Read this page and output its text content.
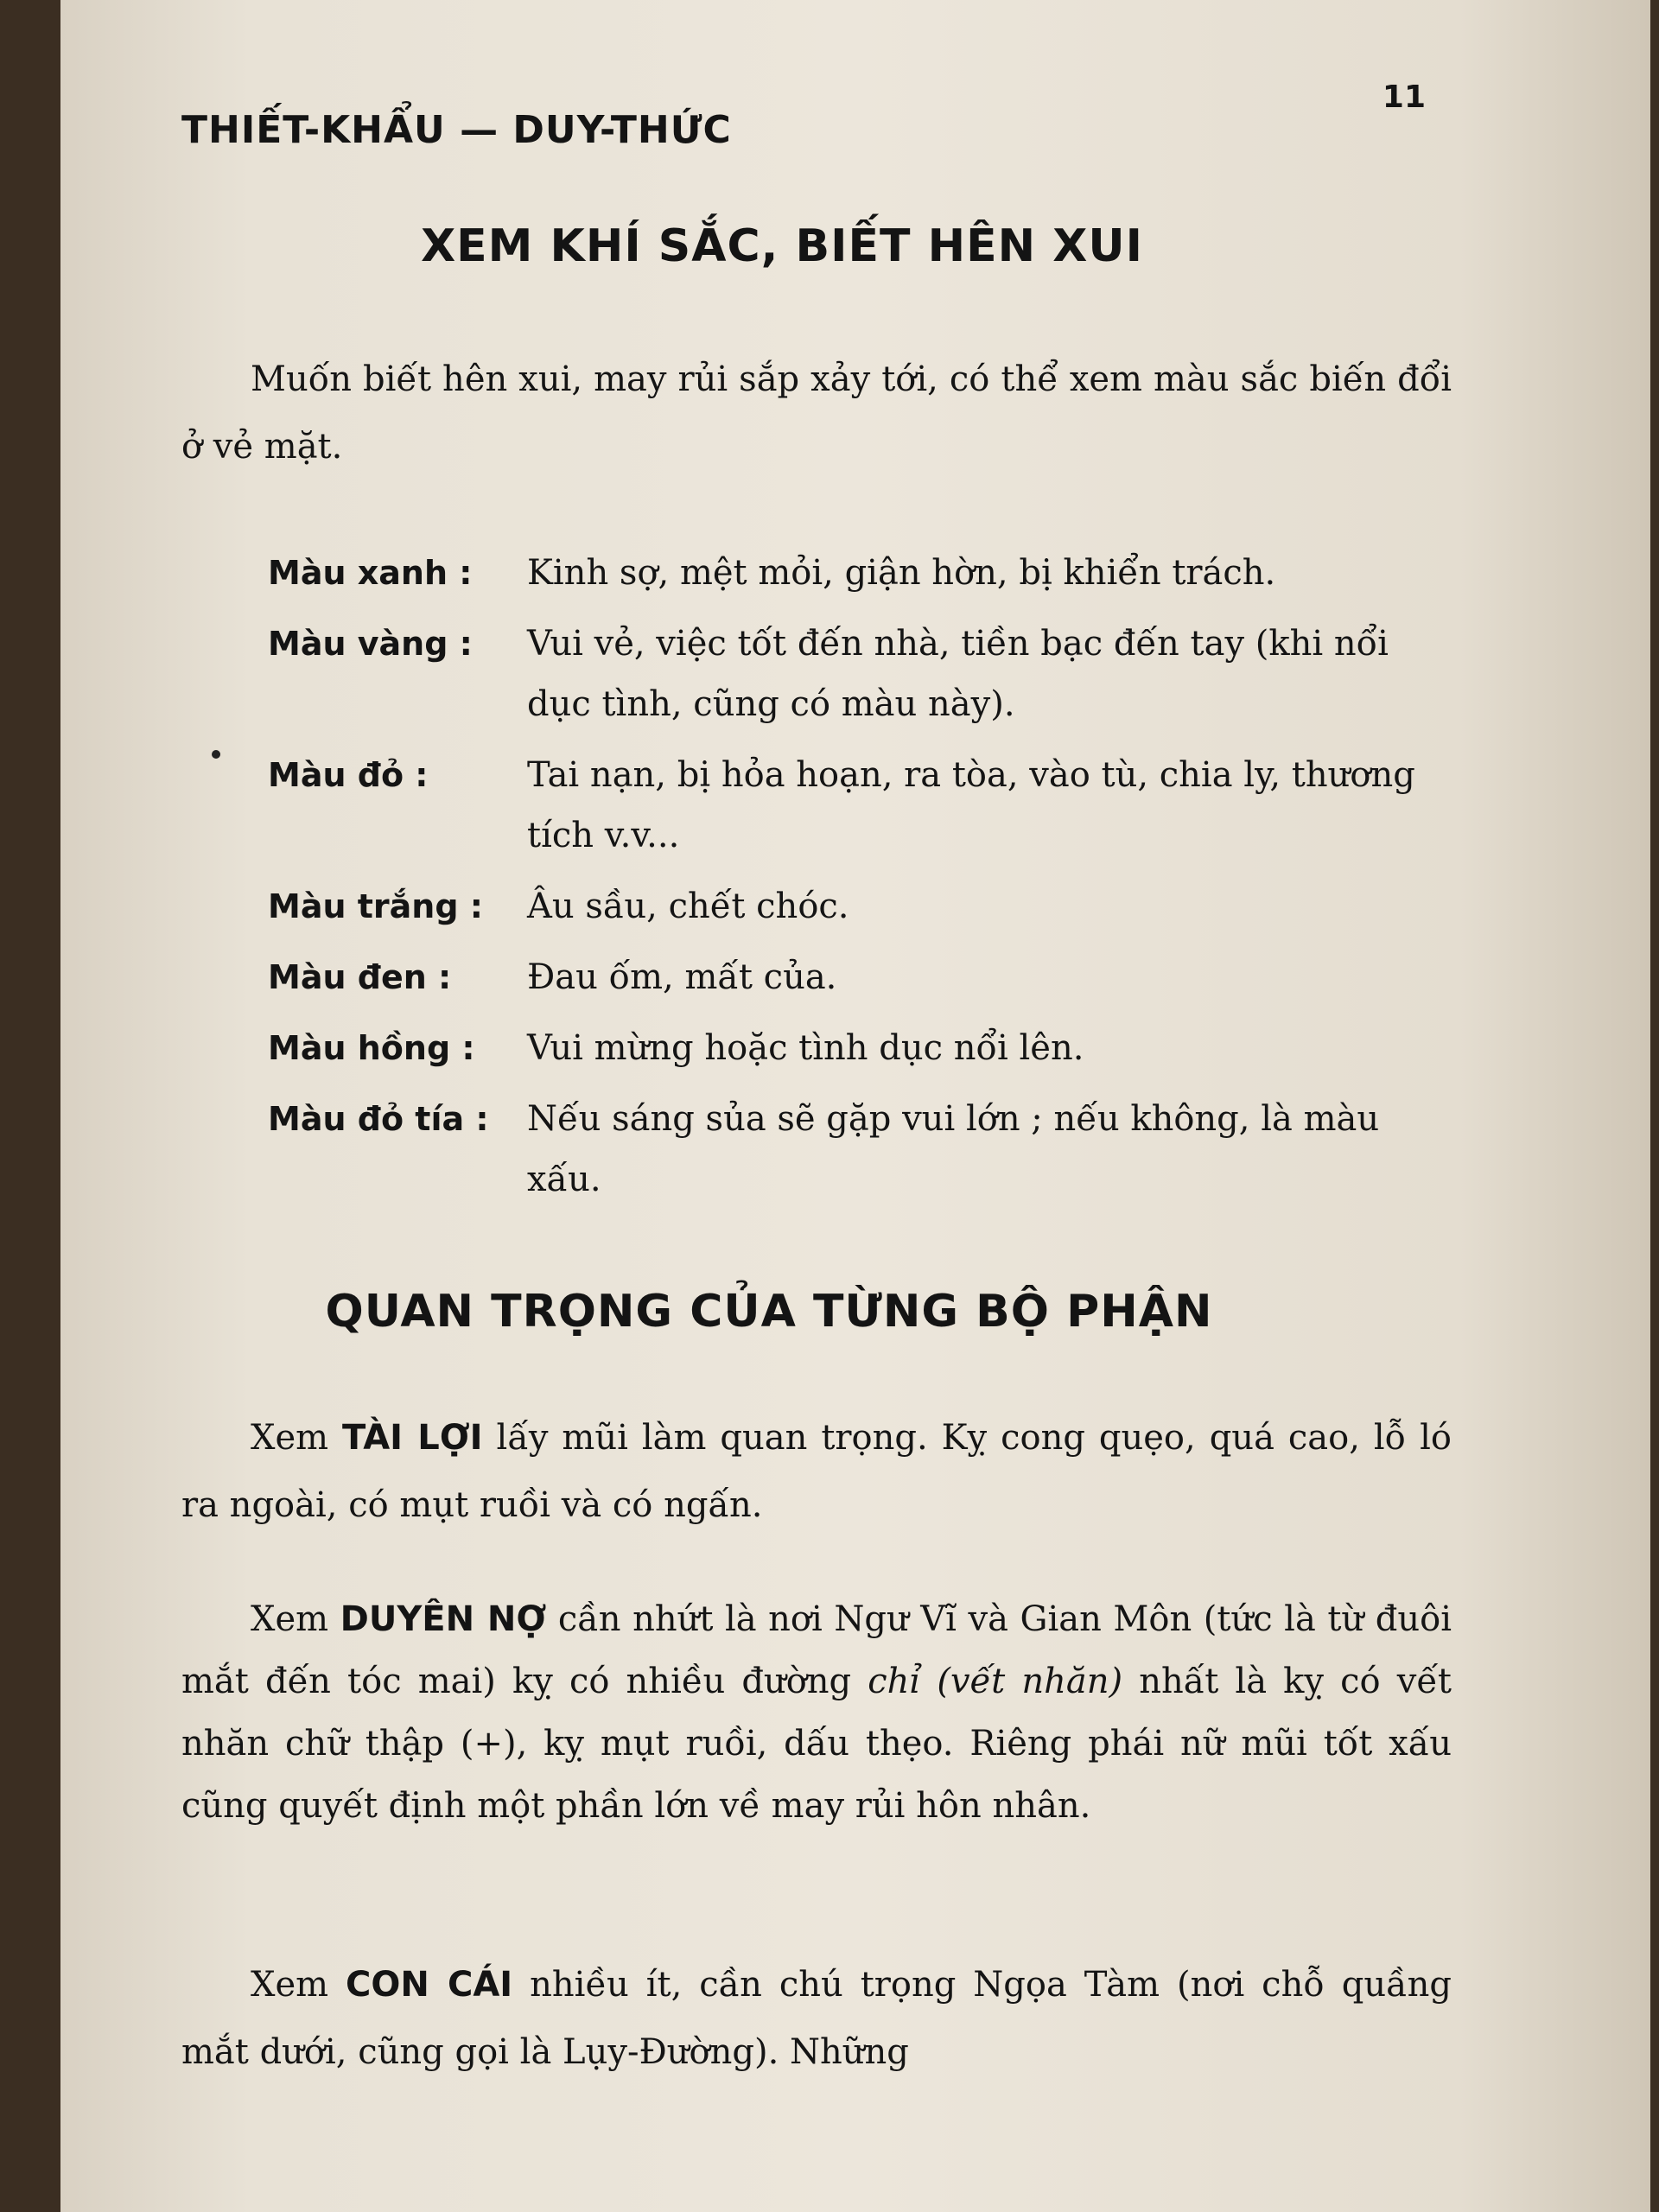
THIẾT-KHẨU — DUY-THỨC
11
XEM KHÍ SẮC, BIẾT HÊN XUI
Muốn biết hên xui, may rủi sắp xảy tới, có thể xem màu sắc biến đổi ở vẻ mặt.
Màu xanh :	Kinh sợ, mệt mỏi, giận hờn, bị khiển trách.
Màu vàng :	Vui vẻ, việc tốt đến nhà, tiền bạc đến tay (khi nổi dục tình, cũng có màu này).
Màu đỏ :	Tai nạn, bị hỏa hoạn, ra tòa, vào tù, chia ly, thương tích v.v...
Màu trắng :	Âu sầu, chết chóc.
Màu đen :	Đau ốm, mất của.
Màu hồng :	Vui mừng hoặc tình dục nổi lên.
Màu đỏ tía :	Nếu sáng sủa sẽ gặp vui lớn ; nếu không, là màu xấu.
QUAN TRỌNG CỦA TỪNG BỘ PHẬN
Xem TÀI LỢI lấy mũi làm quan trọng. Kỵ cong quẹo, quá cao, lỗ ló ra ngoài, có mụt ruồi và có ngấn.
Xem DUYÊN NỢ cần nhứt là nơi Ngư Vĩ và Gian Môn (tức là từ đuôi mắt đến tóc mai) kỵ có nhiều đường chỉ (vết nhăn) nhất là kỵ có vết nhăn chữ thập (+), kỵ mụt ruồi, dấu thẹo. Riêng phái nữ mũi tốt xấu cũng quyết định một phần lớn về may rủi hôn nhân.
Xem CON CÁI nhiều ít, cần chú trọng Ngọa Tàm (nơi chỗ quầng mắt dưới, cũng gọi là Lụy-Đường). Những
